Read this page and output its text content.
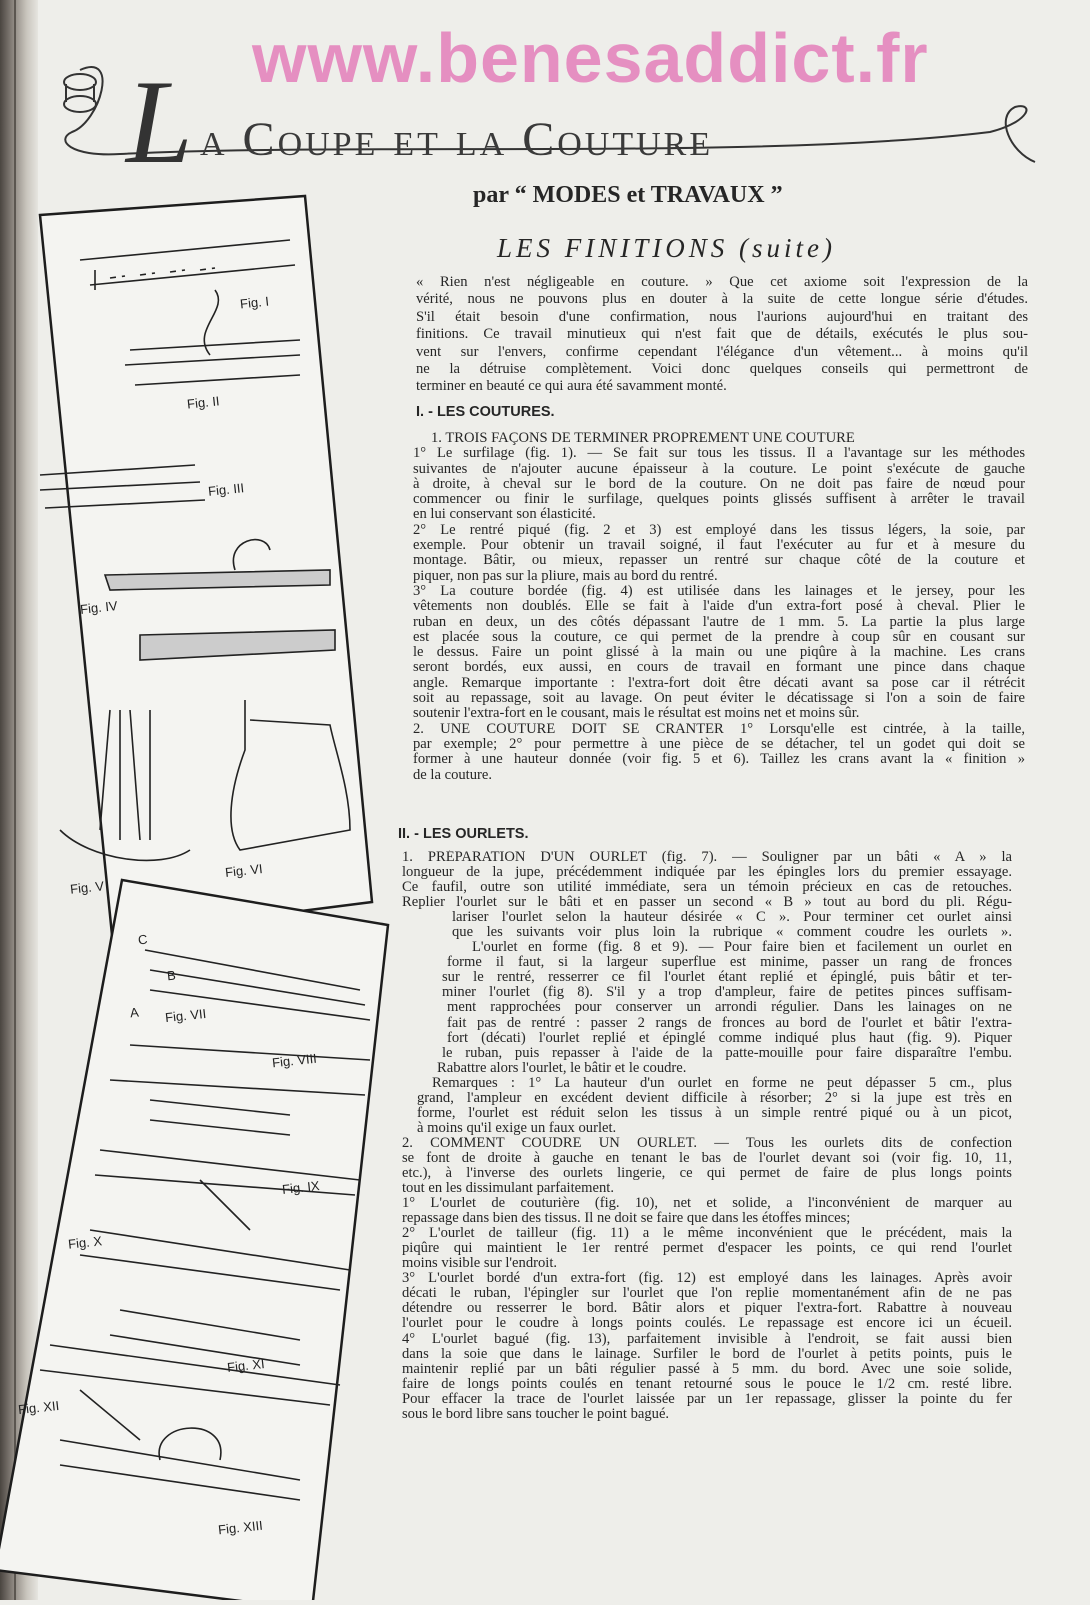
www.benesaddict.fr
L a Coupe et la Couture
par “ MODES et TRAVAUX ”
LES FINITIONS (suite)
Fig. I
Fig. II
Fig. III
Fig. IV
Fig. V
Fig. VI
C
B
A Fig. VII
Fig. VIII
Fig. IX
Fig. X
Fig. XI
Fig. XII
Fig. XIII
« Rien n'est négligeable en couture. » Que cet axiome soit l'expression de la
vérité, nous ne pouvons plus en douter à la suite de cette longue série d'études.
S'il était besoin d'une confirmation, nous l'aurions aujourd'hui en traitant des
finitions. Ce travail minutieux qui n'est fait que de détails, exécutés le plus sou-
vent sur l'envers, confirme cependant l'élégance d'un vêtement... à moins qu'il
ne la détruise complètement. Voici donc quelques conseils qui permettront de
terminer en beauté ce qui aura été savamment monté.
I. - LES COUTURES.
1. TROIS FAÇONS DE TERMINER PROPREMENT UNE COUTURE
1° Le surfilage (fig. 1). — Se fait sur tous les tissus. Il a l'avantage sur les méthodes
suivantes de n'ajouter aucune épaisseur à la couture. Le point s'exécute de gauche
à droite, à cheval sur le bord de la couture. On ne doit pas faire de nœud pour
commencer ou finir le surfilage, quelques points glissés suffisent à arrêter le travail
en lui conservant son élasticité.
2° Le rentré piqué (fig. 2 et 3) est employé dans les tissus légers, la soie, par
exemple. Pour obtenir un travail soigné, il faut l'exécuter au fur et à mesure du
montage. Bâtir, ou mieux, repasser un rentré sur chaque côté de la couture et
piquer, non pas sur la pliure, mais au bord du rentré.
3° La couture bordée (fig. 4) est utilisée dans les lainages et le jersey, pour les
vêtements non doublés. Elle se fait à l'aide d'un extra-fort posé à cheval. Plier le
ruban en deux, un des côtés dépassant l'autre de 1 mm. 5. La partie la plus large
est placée sous la couture, ce qui permet de la prendre à coup sûr en cousant sur
le dessus. Faire un point glissé à la main ou une piqûre à la machine. Les crans
seront bordés, eux aussi, en cours de travail en formant une pince dans chaque
angle. Remarque importante : l'extra-fort doit être décati avant sa pose car il rétrécit
soit au repassage, soit au lavage. On peut éviter le décatissage si l'on a soin de faire
soutenir l'extra-fort en le cousant, mais le résultat est moins net et moins sûr.
2. UNE COUTURE DOIT SE CRANTER 1° Lorsqu'elle est cintrée, à la taille,
par exemple; 2° pour permettre à une pièce de se détacher, tel un godet qui doit se
former à une hauteur donnée (voir fig. 5 et 6). Taillez les crans avant la « finition »
de la couture.
II. - LES OURLETS.
1. PRÉPARATION D'UN OURLET (fig. 7). — Souligner par un bâti « A » la
longueur de la jupe, précédemment indiquée par les épingles lors du premier essayage.
Ce faufil, outre son utilité immédiate, sera un témoin précieux en cas de retouches.
Replier l'ourlet sur le bâti et en passer un second « B » tout au bord du pli. Régu-
lariser l'ourlet selon la hauteur désirée « C ». Pour terminer cet ourlet ainsi
que les suivants voir plus loin la rubrique « comment coudre les ourlets ».
L'ourlet en forme (fig. 8 et 9). — Pour faire bien et facilement un ourlet en
forme il faut, si la largeur superflue est minime, passer un rang de fronces
sur le rentré, resserrer ce fil l'ourlet étant replié et épinglé, puis bâtir et ter-
miner l'ourlet (fig 8). S'il y a trop d'ampleur, faire de petites pinces suffisam-
ment rapprochées pour conserver un arrondi régulier. Dans les lainages on ne
fait pas de rentré : passer 2 rangs de fronces au bord de l'ourlet et bâtir l'extra-
fort (décati) l'ourlet replié et épinglé comme indiqué plus haut (fig. 9). Piquer
le ruban, puis repasser à l'aide de la patte-mouille pour faire disparaître l'embu.
Rabattre alors l'ourlet, le bâtir et le coudre.
Remarques : 1° La hauteur d'un ourlet en forme ne peut dépasser 5 cm., plus
grand, l'ampleur en excédent devient difficile à résorber; 2° si la jupe est très en
forme, l'ourlet est réduit selon les tissus à un simple rentré piqué ou à un picot,
à moins qu'il exige un faux ourlet.
2. COMMENT COUDRE UN OURLET. — Tous les ourlets dits de confection
se font de droite à gauche en tenant le bas de l'ourlet devant soi (voir fig. 10, 11,
etc.), à l'inverse des ourlets lingerie, ce qui permet de faire de plus longs points
tout en les dissimulant parfaitement.
1° L'ourlet de couturière (fig. 10), net et solide, a l'inconvénient de marquer au
repassage dans bien des tissus. Il ne doit se faire que dans les étoffes minces;
2° L'ourlet de tailleur (fig. 11) a le même inconvénient que le précédent, mais la
piqûre qui maintient le 1er rentré permet d'espacer les points, ce qui rend l'ourlet
moins visible sur l'endroit.
3° L'ourlet bordé d'un extra-fort (fig. 12) est employé dans les lainages. Après avoir
décati le ruban, l'épingler sur l'ourlet que l'on replie momentanément afin de ne pas
détendre ou resserrer le bord. Bâtir alors et piquer l'extra-fort. Rabattre à nouveau
l'ourlet pour le coudre à longs points coulés. Le repassage est encore ici un écueil.
4° L'ourlet bagué (fig. 13), parfaitement invisible à l'endroit, se fait aussi bien
dans la soie que dans le lainage. Surfiler le bord de l'ourlet à petits points, puis le
maintenir replié par un bâti régulier passé à 5 mm. du bord. Avec une soie solide,
faire de longs points coulés en tenant retourné sous le pouce le 1/2 cm. resté libre.
Pour effacer la trace de l'ourlet laissée par un 1er repassage, glisser la pointe du fer
sous le bord libre sans toucher le point bagué.
